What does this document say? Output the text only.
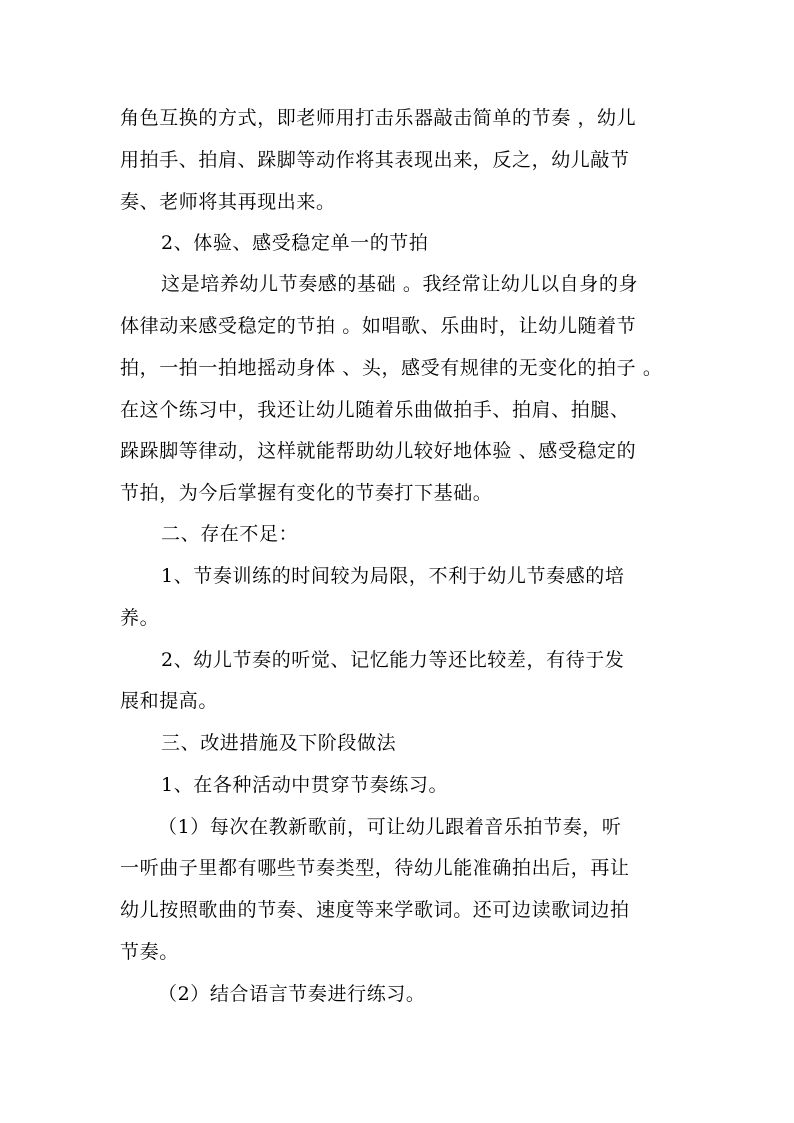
角色互换的方式，即老师用打击乐器敲击简单的节奏 ，幼儿
用拍手、拍肩、跺脚等动作将其表现出来，反之，幼儿敲节
奏、老师将其再现出来。
2、体验、感受稳定单一的节拍
这是培养幼儿节奏感的基础 。我经常让幼儿以自身的身
体律动来感受稳定的节拍 。如唱歌、乐曲时，让幼儿随着节
拍，一拍一拍地摇动身体 、头，感受有规律的无变化的拍子 。
在这个练习中，我还让幼儿随着乐曲做拍手、拍肩、拍腿、
跺跺脚等律动，这样就能帮助幼儿较好地体验 、感受稳定的
节拍，为今后掌握有变化的节奏打下基础。
二、存在不足：
1、节奏训练的时间较为局限，不利于幼儿节奏感的培
养。
2、幼儿节奏的听觉、记忆能力等还比较差，有待于发
展和提高。
三、改进措施及下阶段做法
1、在各种活动中贯穿节奏练习。
（1）每次在教新歌前，可让幼儿跟着音乐拍节奏，听
一听曲子里都有哪些节奏类型，待幼儿能准确拍出后，再让
幼儿按照歌曲的节奏、速度等来学歌词。还可边读歌词边拍
节奏。
（2）结合语言节奏进行练习。
